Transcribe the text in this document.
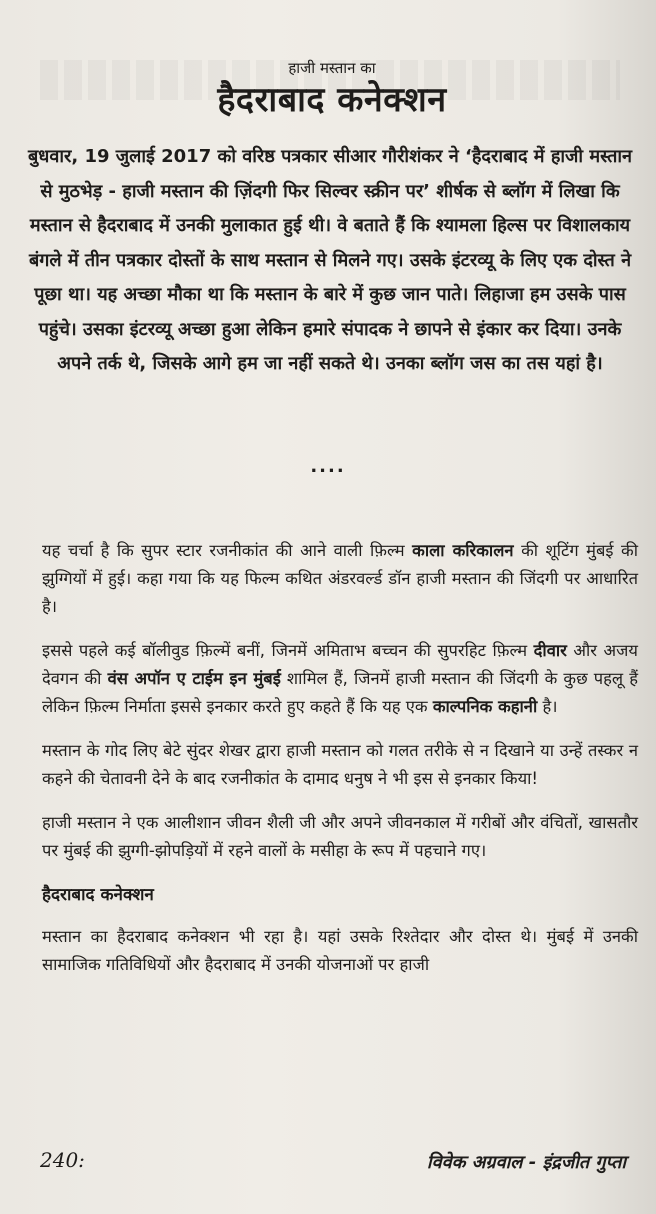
हाजी मस्तान का

हैदराबाद कनेक्शन

बुधवार, 19 जुलाई 2017 को वरिष्ठ पत्रकार सीआर गौरीशंकर ने ‘हैदराबाद में हाजी मस्तान से मुठभेड़ - हाजी मस्तान की ज़िंदगी फिर सिल्वर स्क्रीन पर’ शीर्षक से ब्लॉग में लिखा कि मस्तान से हैदराबाद में उनकी मुलाकात हुई थी। वे बताते हैं कि श्यामला हिल्स पर विशालकाय बंगले में तीन पत्रकार दोस्तों के साथ मस्तान से मिलने गए। उसके इंटरव्यू के लिए एक दोस्त ने पूछा था। यह अच्छा मौका था कि मस्तान के बारे में कुछ जान पाते। लिहाजा हम उसके पास पहुंचे। उसका इंटरव्यू अच्छा हुआ लेकिन हमारे संपादक ने छापने से इंकार कर दिया। उनके अपने तर्क थे, जिसके आगे हम जा नहीं सकते थे। उनका ब्लॉग जस का तस यहां है।

....

यह चर्चा है कि सुपर स्टार रजनीकांत की आने वाली फ़िल्म काला करिकालन की शूटिंग मुंबई की झुग्गियों में हुई। कहा गया कि यह फिल्म कथित अंडरवर्ल्ड डॉन हाजी मस्तान की जिंदगी पर आधारित है।

इससे पहले कई बॉलीवुड फ़िल्में बनीं, जिनमें अमिताभ बच्चन की सुपरहिट फ़िल्म दीवार और अजय देवगन की वंस अपॉन ए टाईम इन मुंबई शामिल हैं, जिनमें हाजी मस्तान की जिंदगी के कुछ पहलू हैं लेकिन फ़िल्म निर्माता इससे इनकार करते हुए कहते हैं कि यह एक काल्पनिक कहानी है।

मस्तान के गोद लिए बेटे सुंदर शेखर द्वारा हाजी मस्तान को गलत तरीके से न दिखाने या उन्हें तस्कर न कहने की चेतावनी देने के बाद रजनीकांत के दामाद धनुष ने भी इस से इनकार किया!

हाजी मस्तान ने एक आलीशान जीवन शैली जी और अपने जीवनकाल में गरीबों और वंचितों, खासतौर पर मुंबई की झुग्गी-झोपड़ियों में रहने वालों के मसीहा के रूप में पहचाने गए।

हैदराबाद कनेक्शन

मस्तान का हैदराबाद कनेक्शन भी रहा है। यहां उसके रिश्तेदार और दोस्त थे। मुंबई में उनकी सामाजिक गतिविधियों और हैदराबाद में उनकी योजनाओं पर हाजी

240:	विवेक अग्रवाल - इंद्रजीत गुप्ता
